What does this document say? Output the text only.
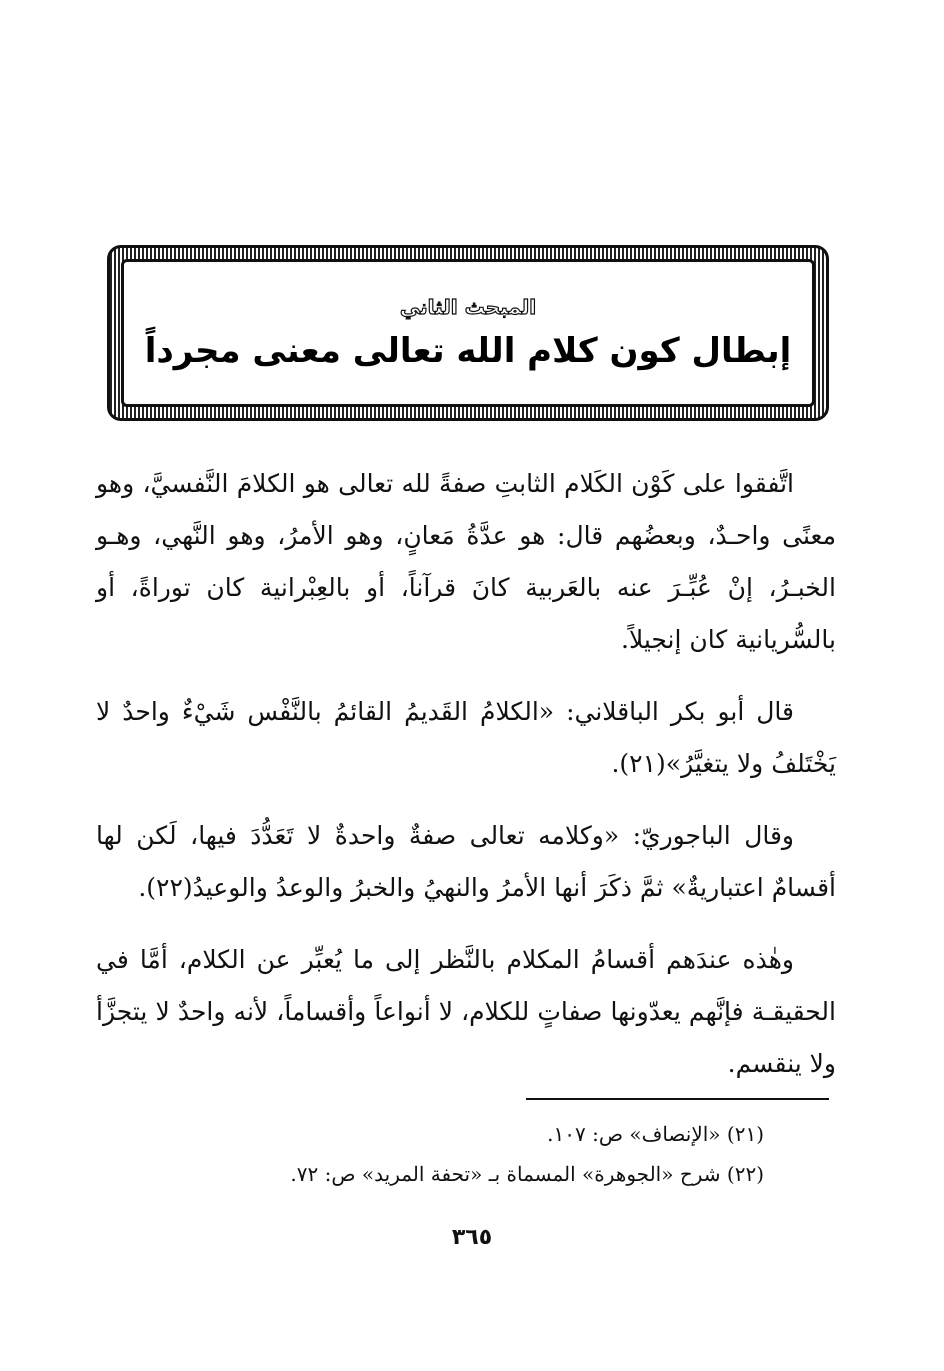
المبحث الثاني
إبطال كون كلام الله تعالى معنى مجرداً

اتَّفقوا على كَوْن الكَلام الثابتِ صفةً لله تعالى هو الكلامَ النَّفسيَّ، وهو معنًى واحـدٌ، وبعضُهم قال: هو عدَّةُ مَعانٍ، وهو الأمرُ، وهو النَّهي، وهـو الخبـرُ، إنْ عُبِّـرَ عنه بالعَربية كانَ قرآناً، أو بالعِبْرانية كان توراةً، أو بالسُّريانية كان إنجيلاً.

قال أبو بكر الباقلاني: «الكلامُ القَديمُ القائمُ بالنَّفْس شَيْءٌ واحدٌ لا يَخْتَلفُ ولا يتغيَّرُ»(٢١).

وقال الباجوريّ: «وكلامه تعالى صفةٌ واحدةٌ لا تَعَدُّدَ فيها، لَكن لها أقسامٌ اعتباريةٌ» ثمَّ ذكَرَ أنها الأمرُ والنهيُ والخبرُ والوعدُ والوعيدُ(٢٢).

وهٰذه عندَهم أقسامُ المكلام بالنَّظر إلى ما يُعبِّر عن الكلام، أمَّا في الحقيقـة فإنَّهم يعدّونها صفاتٍ للكلام، لا أنواعاً وأقساماً، لأنه واحدٌ لا يتجزَّأ ولا ينقسم.

(٢١) «الإنصاف» ص: ١٠٧.
(٢٢) شرح «الجوهرة» المسماة بـ «تحفة المريد» ص: ٧٢.
٣٦٥
